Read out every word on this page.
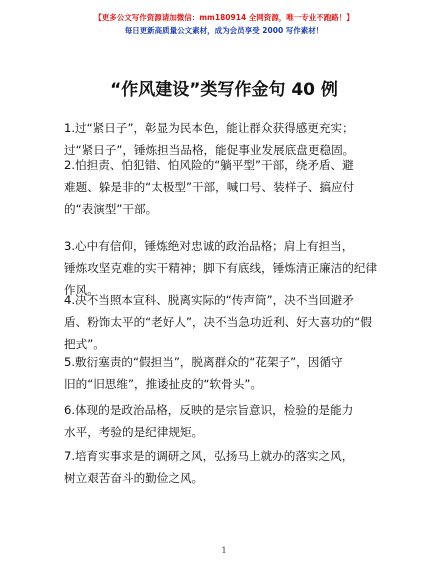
【更多公文写作资源请加微信：mm180914 全网资源，唯一专业不跑路！】
每日更新高质量公文素材，成为会员享受 2000 写作素材！
“作风建设”类写作金句 40 例
1.过“紧日子”，彰显为民本色，能让群众获得感更充实；
过“紧日子”，锤炼担当品格，能促事业发展底盘更稳固。
2.怕担责、怕犯错、怕风险的“躺平型”干部，绕矛盾、避
难题、躲是非的“太极型”干部，喊口号、装样子、搞应付
的“表演型”干部。
3.心中有信仰，锤炼绝对忠诚的政治品格；肩上有担当，
锤炼攻坚克难的实干精神；脚下有底线，锤炼清正廉洁的纪律
作风。
4.决不当照本宣科、脱离实际的“传声筒”，决不当回避矛
盾、粉饰太平的“老好人”，决不当急功近利、好大喜功的“假
把式”。
5.敷衍塞责的“假担当”，脱离群众的“花架子”，因循守
旧的“旧思维”，推诿扯皮的“软骨头”。
6.体现的是政治品格，反映的是宗旨意识，检验的是能力
水平，考验的是纪律规矩。
7.培育实事求是的调研之风，弘扬马上就办的落实之风，
树立艰苦奋斗的勤俭之风。
1
